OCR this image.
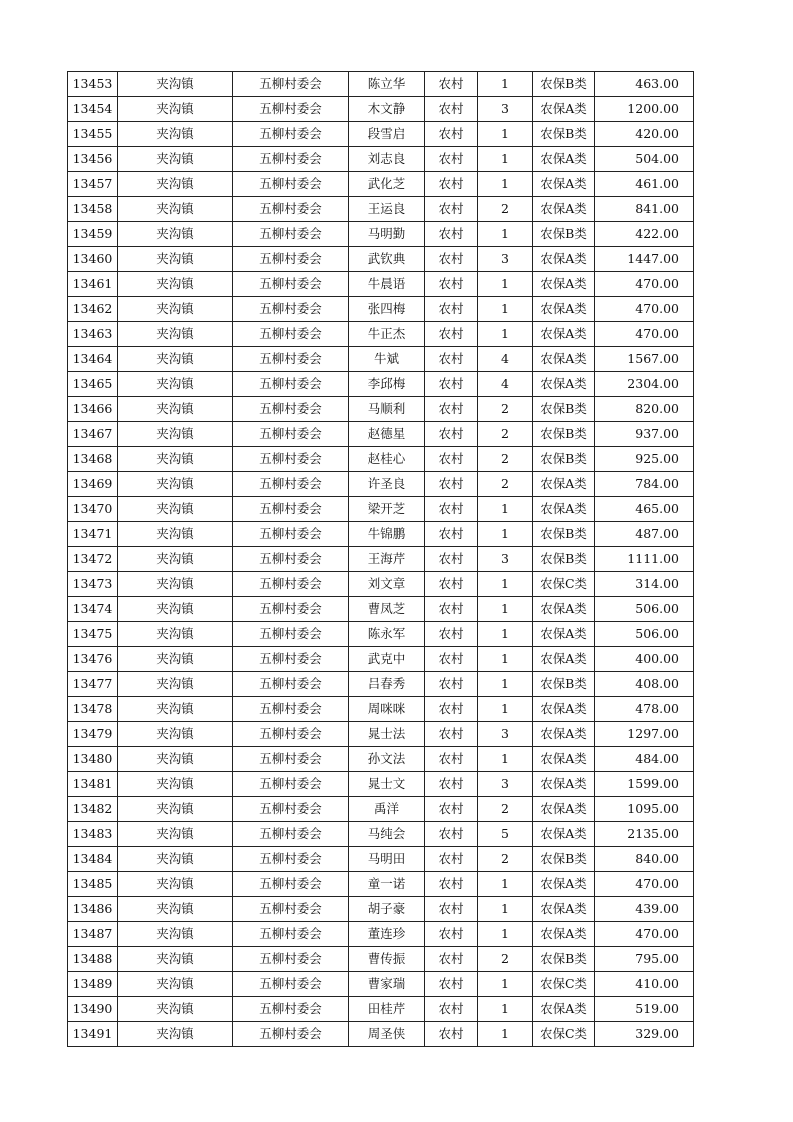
13453	夹沟镇	五柳村委会	陈立华	农村	1	农保B类	463.00
13454	夹沟镇	五柳村委会	木文静	农村	3	农保A类	1200.00
13455	夹沟镇	五柳村委会	段雪启	农村	1	农保B类	420.00
13456	夹沟镇	五柳村委会	刘志良	农村	1	农保A类	504.00
13457	夹沟镇	五柳村委会	武化芝	农村	1	农保A类	461.00
13458	夹沟镇	五柳村委会	王运良	农村	2	农保A类	841.00
13459	夹沟镇	五柳村委会	马明勤	农村	1	农保B类	422.00
13460	夹沟镇	五柳村委会	武钦典	农村	3	农保A类	1447.00
13461	夹沟镇	五柳村委会	牛晨语	农村	1	农保A类	470.00
13462	夹沟镇	五柳村委会	张四梅	农村	1	农保A类	470.00
13463	夹沟镇	五柳村委会	牛正杰	农村	1	农保A类	470.00
13464	夹沟镇	五柳村委会	牛斌	农村	4	农保A类	1567.00
13465	夹沟镇	五柳村委会	李邱梅	农村	4	农保A类	2304.00
13466	夹沟镇	五柳村委会	马顺利	农村	2	农保B类	820.00
13467	夹沟镇	五柳村委会	赵德星	农村	2	农保B类	937.00
13468	夹沟镇	五柳村委会	赵桂心	农村	2	农保B类	925.00
13469	夹沟镇	五柳村委会	许圣良	农村	2	农保A类	784.00
13470	夹沟镇	五柳村委会	梁开芝	农村	1	农保A类	465.00
13471	夹沟镇	五柳村委会	牛锦鹏	农村	1	农保B类	487.00
13472	夹沟镇	五柳村委会	王海芹	农村	3	农保B类	1111.00
13473	夹沟镇	五柳村委会	刘文章	农村	1	农保C类	314.00
13474	夹沟镇	五柳村委会	曹凤芝	农村	1	农保A类	506.00
13475	夹沟镇	五柳村委会	陈永军	农村	1	农保A类	506.00
13476	夹沟镇	五柳村委会	武克中	农村	1	农保A类	400.00
13477	夹沟镇	五柳村委会	吕春秀	农村	1	农保B类	408.00
13478	夹沟镇	五柳村委会	周咪咪	农村	1	农保A类	478.00
13479	夹沟镇	五柳村委会	晁士法	农村	3	农保A类	1297.00
13480	夹沟镇	五柳村委会	孙文法	农村	1	农保A类	484.00
13481	夹沟镇	五柳村委会	晁士文	农村	3	农保A类	1599.00
13482	夹沟镇	五柳村委会	禹洋	农村	2	农保A类	1095.00
13483	夹沟镇	五柳村委会	马纯会	农村	5	农保A类	2135.00
13484	夹沟镇	五柳村委会	马明田	农村	2	农保B类	840.00
13485	夹沟镇	五柳村委会	童一诺	农村	1	农保A类	470.00
13486	夹沟镇	五柳村委会	胡子豪	农村	1	农保A类	439.00
13487	夹沟镇	五柳村委会	董连珍	农村	1	农保A类	470.00
13488	夹沟镇	五柳村委会	曹传振	农村	2	农保B类	795.00
13489	夹沟镇	五柳村委会	曹家瑞	农村	1	农保C类	410.00
13490	夹沟镇	五柳村委会	田桂芹	农村	1	农保A类	519.00
13491	夹沟镇	五柳村委会	周圣侠	农村	1	农保C类	329.00
